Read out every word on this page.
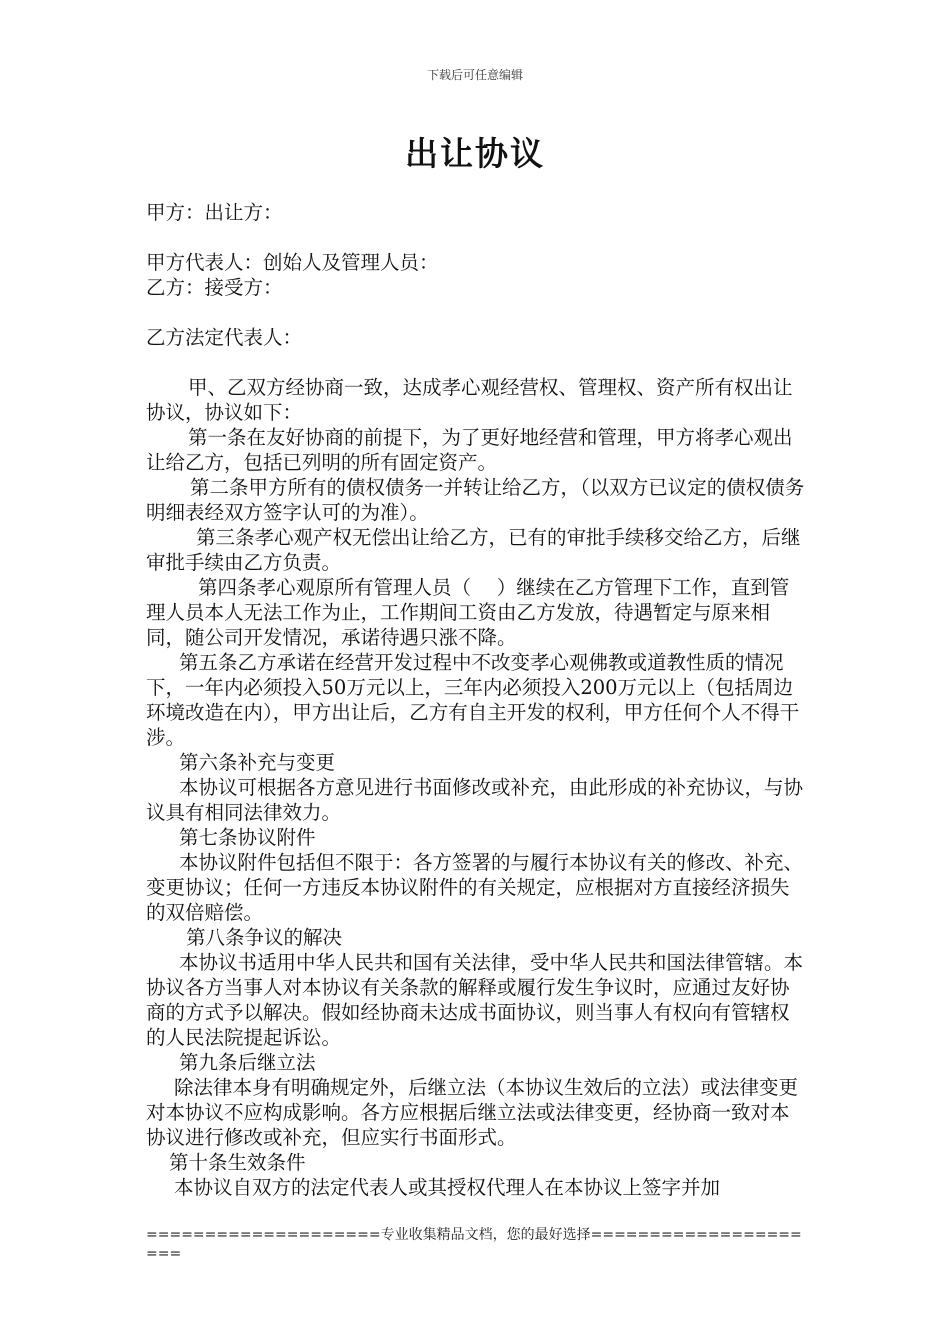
下载后可任意编辑
出让协议

甲方：出让方：

甲方代表人：创始人及管理人员：

乙方：接受方：

乙方法定代表人：

甲、乙双方经协商一致，达成孝心观经营权、管理权、资产所有权出让协议，协议如下：

第一条在友好协商的前提下，为了更好地经营和管理，甲方将孝心观出让给乙方，包括已列明的所有固定资产。

第二条甲方所有的债权债务一并转让给乙方，（以双方已议定的债权债务明细表经双方签字认可的为准）。

第三条孝心观产权无偿出让给乙方，已有的审批手续移交给乙方，后继审批手续由乙方负责。

第四条孝心观原所有管理人员（　 ）继续在乙方管理下工作，直到管理人员本人无法工作为止，工作期间工资由乙方发放，待遇暂定与原来相同，随公司开发情况，承诺待遇只涨不降。

第五条乙方承诺在经营开发过程中不改变孝心观佛教或道教性质的情况下，一年内必须投入50万元以上，三年内必须投入200万元以上（包括周边环境改造在内），甲方出让后，乙方有自主开发的权利，甲方任何个人不得干涉。

第六条补充与变更

本协议可根据各方意见进行书面修改或补充，由此形成的补充协议，与协议具有相同法律效力。

第七条协议附件

本协议附件包括但不限于：各方签署的与履行本协议有关的修改、补充、变更协议；任何一方违反本协议附件的有关规定，应根据对方直接经济损失的双倍赔偿。

第八条争议的解决

本协议书适用中华人民共和国有关法律，受中华人民共和国法律管辖。本协议各方当事人对本协议有关条款的解释或履行发生争议时，应通过友好协商的方式予以解决。假如经协商未达成书面协议，则当事人有权向有管辖权的人民法院提起诉讼。

第九条后继立法

除法律本身有明确规定外，后继立法（本协议生效后的立法）或法律变更对本协议不应构成影响。各方应根据后继立法或法律变更，经协商一致对本协议进行修改或补充，但应实行书面形式。

第十条生效条件

本协议自双方的法定代表人或其授权代理人在本协议上签字并加

====================专业收集精品文档，您的最好选择=====================
